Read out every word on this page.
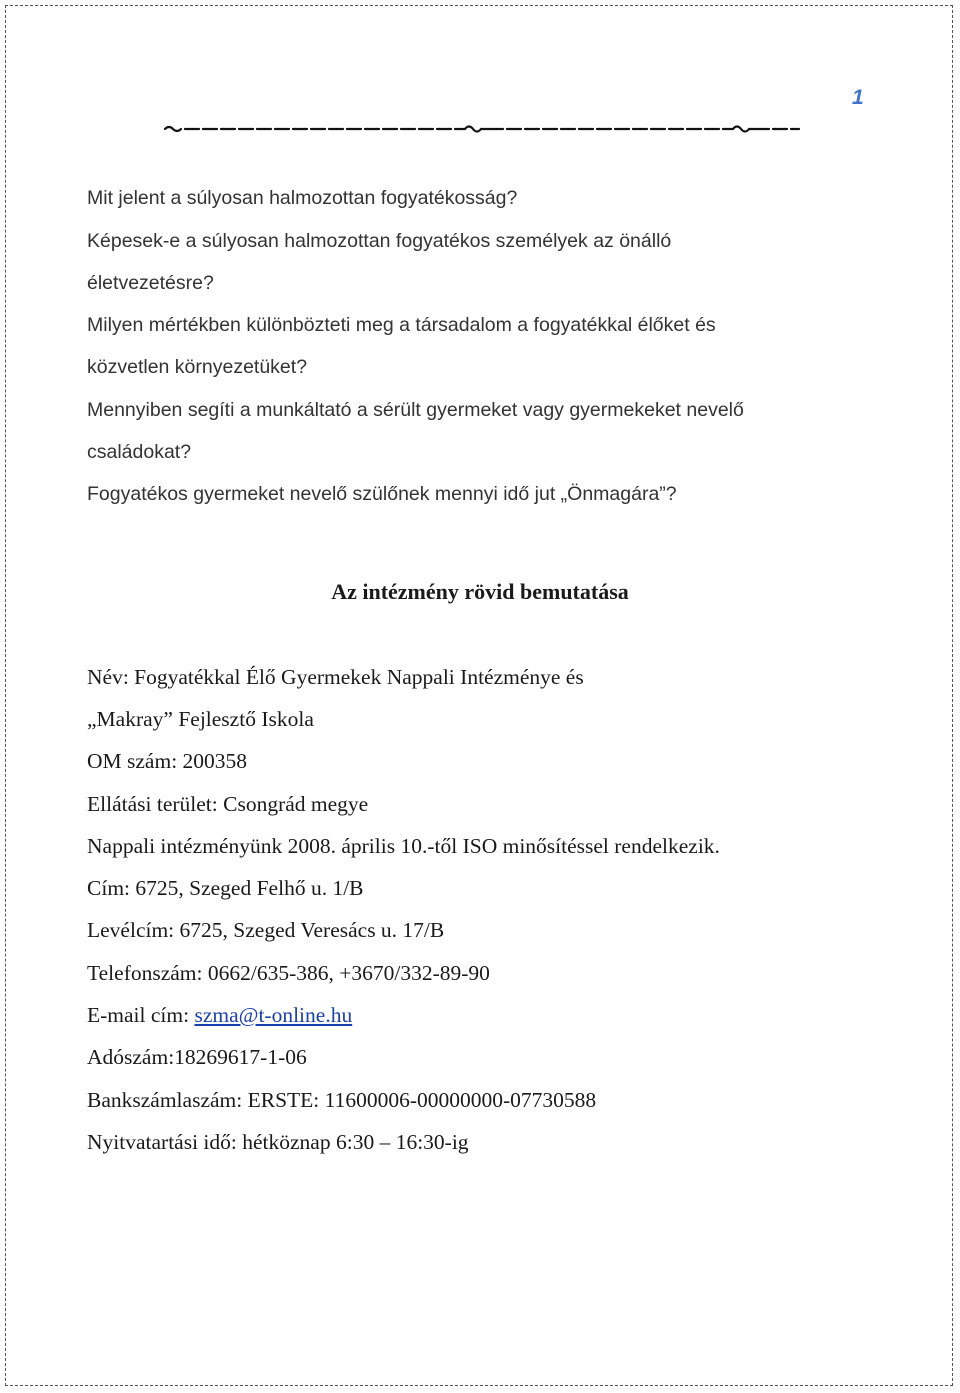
1

Mit jelent a súlyosan halmozottan fogyatékosság?

Képesek-e a súlyosan halmozottan fogyatékos személyek az önálló

életvezetésre?

Milyen mértékben különbözteti meg a társadalom a fogyatékkal élőket és

közvetlen környezetüket?

Mennyiben segíti a munkáltató a sérült gyermeket vagy gyermekeket nevelő

családokat?

Fogyatékos gyermeket nevelő szülőnek mennyi idő jut „Önmagára”?

Az intézmény rövid bemutatása

Név: Fogyatékkal Élő Gyermekek Nappali Intézménye és

„Makray” Fejlesztő Iskola

OM szám: 200358

Ellátási terület: Csongrád megye

Nappali intézményünk 2008. április 10.-től ISO minősítéssel rendelkezik.

Cím: 6725, Szeged Felhő u. 1/B

Levélcím: 6725, Szeged Veresács u. 17/B

Telefonszám: 0662/635-386, +3670/332-89-90

E-mail cím: szma@t-online.hu

Adószám:18269617-1-06

Bankszámlaszám: ERSTE: 11600006-00000000-07730588

Nyitvatartási idő: hétköznap 6:30 – 16:30-ig
